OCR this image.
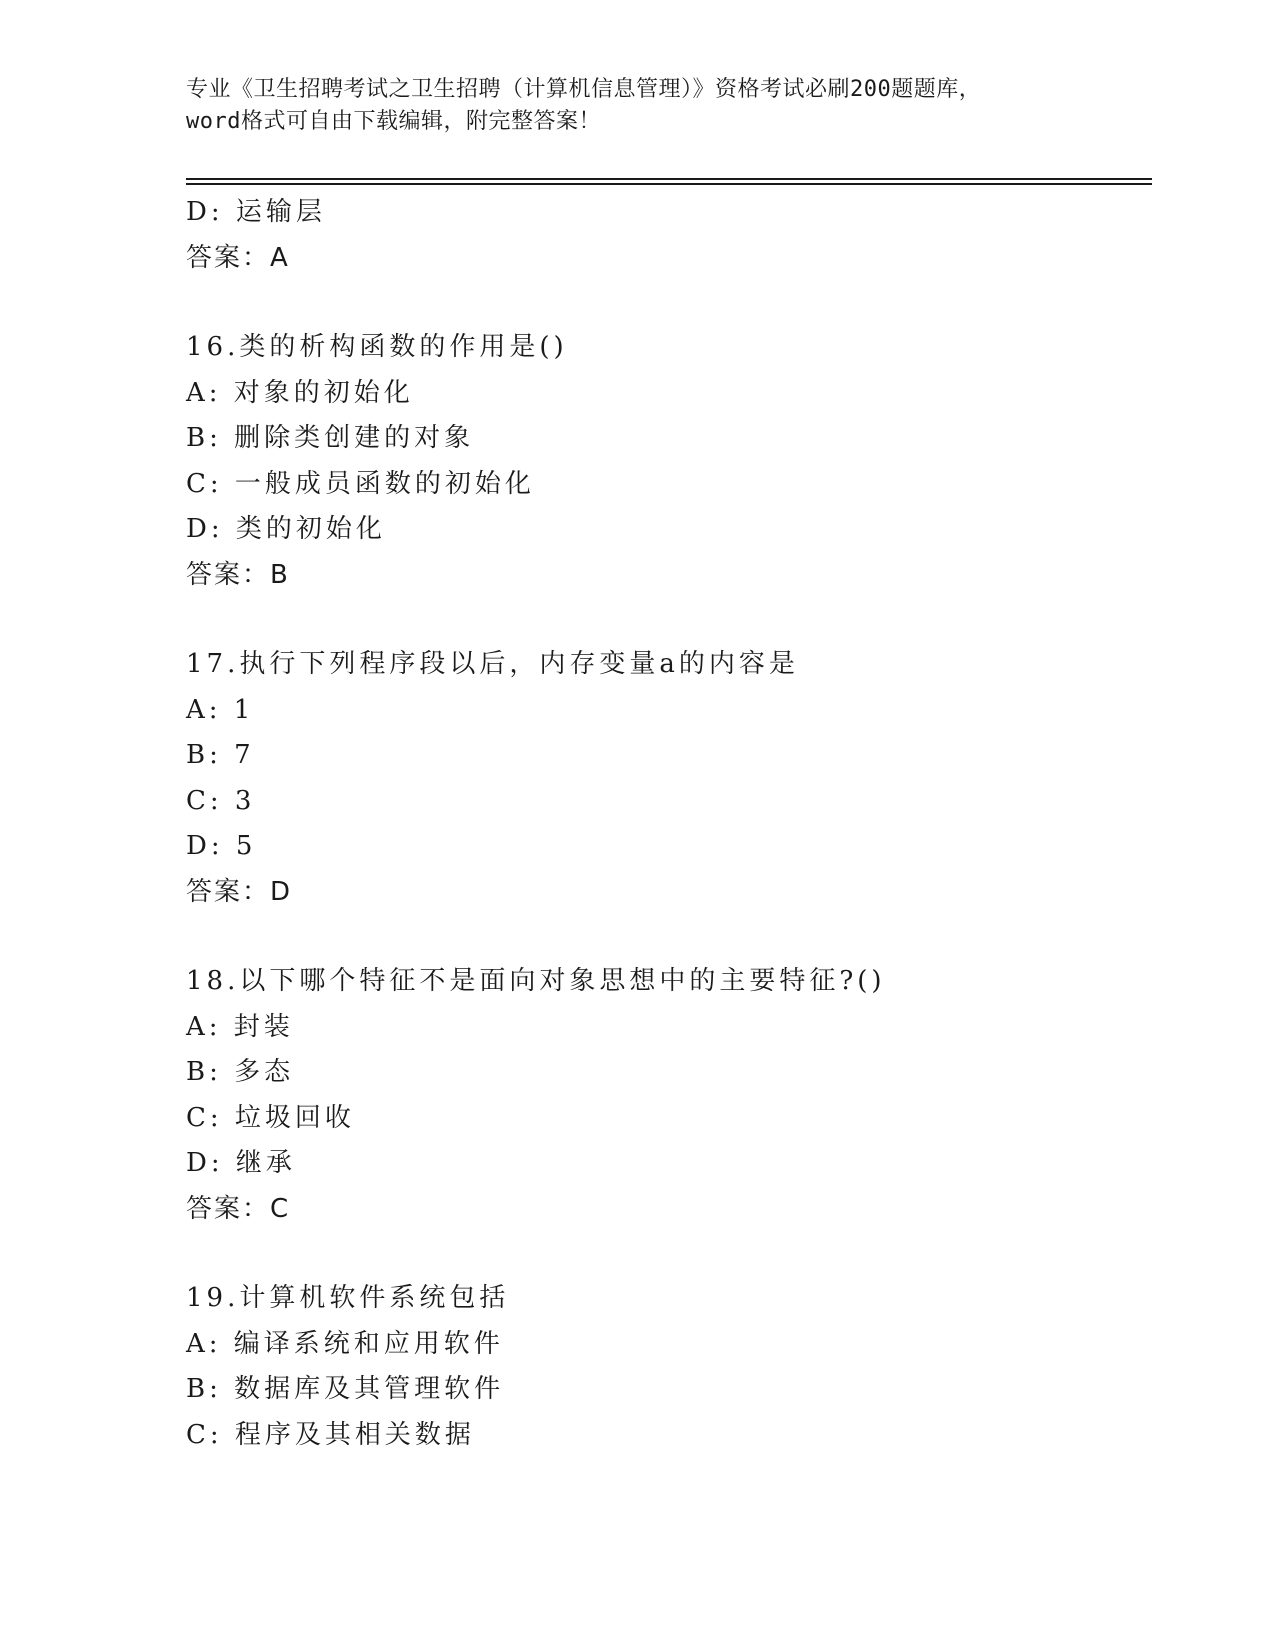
专业《卫生招聘考试之卫生招聘（计算机信息管理）》资格考试必刷200题题库，
word格式可自由下载编辑，附完整答案！
D: 运输层
答案：A
16.类的析构函数的作用是()
A: 对象的初始化
B: 删除类创建的对象
C: 一般成员函数的初始化
D: 类的初始化
答案：B
17.执行下列程序段以后，内存变量a的内容是
A: 1
B: 7
C: 3
D: 5
答案：D
18.以下哪个特征不是面向对象思想中的主要特征?()
A: 封装
B: 多态
C: 垃圾回收
D: 继承
答案：C
19.计算机软件系统包括
A: 编译系统和应用软件
B: 数据库及其管理软件
C: 程序及其相关数据
